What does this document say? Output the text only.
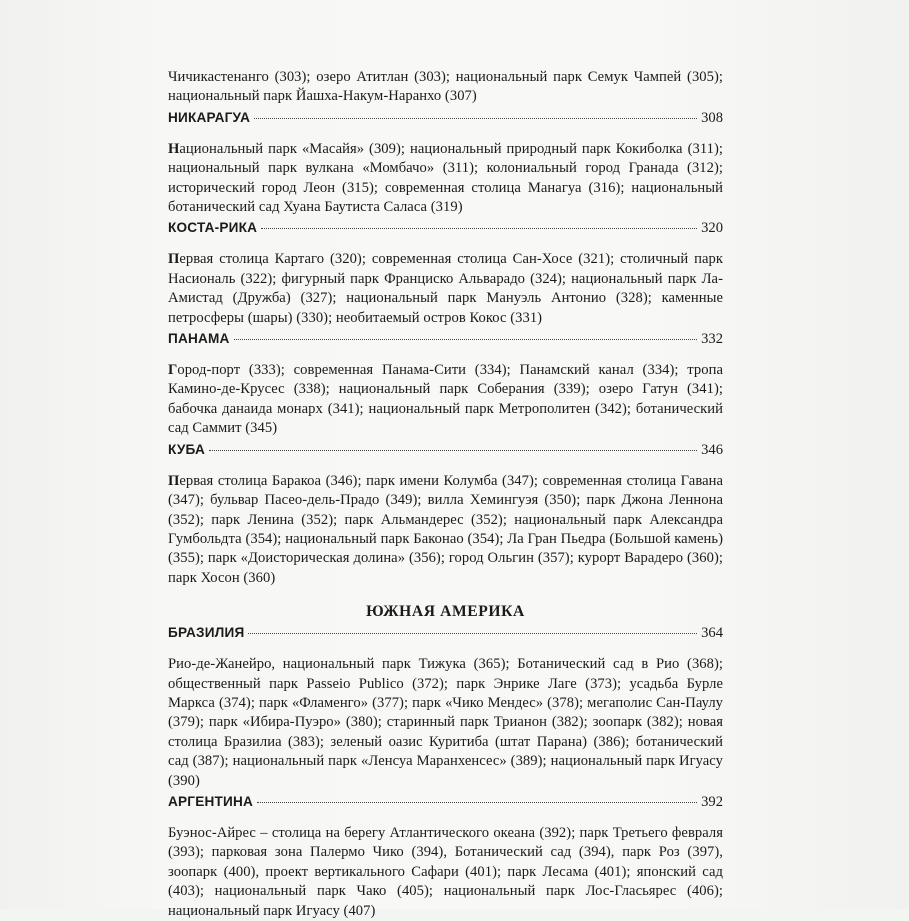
Чичикастенанго (303); озеро Атитлан (303); национальный парк Семук Чампей (305); национальный парк Йашха-Накум-Наранхо (307)

НИКАРАГУА	308

Национальный парк «Масайя» (309); национальный природный парк Кокиболка (311); национальный парк вулкана «Момбачо» (311); колониальный город Гранада (312); исторический город Леон (315); современная столица Манагуа (316); национальный ботанический сад Хуана Баутиста Саласа (319)

КОСТА-РИКА	320

Первая столица Картаго (320); современная столица Сан-Хосе (321); столичный парк Насиональ (322); фигурный парк Франциско Альварадо (324); национальный парк Ла-Амистад (Дружба) (327); национальный парк Мануэль Антонио (328); каменные петросферы (шары) (330); необитаемый остров Кокос (331)

ПАНАМА	332

Город-порт (333); современная Панама-Сити (334); Панамский канал (334); тропа Камино-де-Крусес (338); национальный парк Соберания (339); озеро Гатун (341); бабочка данаида монарх (341); национальный парк Метрополитен (342); ботанический сад Саммит (345)

КУБА	346

Первая столица Баракоа (346); парк имени Колумба (347); современная столица Гавана (347); бульвар Пасео-дель-Прадо (349); вилла Хемингуэя (350); парк Джона Леннона (352); парк Ленина (352); парк Альмандерес (352); национальный парк Александра Гумбольдта (354); национальный парк Баконао (354); Ла Гран Пьедра (Большой камень) (355); парк «Доисторическая долина» (356); город Ольгин (357); курорт Варадеро (360); парк Хосон (360)

ЮЖНАЯ АМЕРИКА
БРАЗИЛИЯ	364

Рио-де-Жанейро, национальный парк Тижука (365); Ботанический сад в Рио (368); общественный парк Passeio Publico (372); парк Энрике Лаге (373); усадьба Бурле Маркса (374); парк «Фламенго» (377); парк «Чико Мендес» (378); мегаполис Сан-Паулу (379); парк «Ибира-Пуэро» (380); старинный парк Трианон (382); зоопарк (382); новая столица Бразилиа (383); зеленый оазис Куритиба (штат Парана) (386); ботанический сад (387); национальный парк «Ленсуа Маранхенсес» (389); национальный парк Игуасу (390)

АРГЕНТИНА	392

Буэнос-Айрес – столица на берегу Атлантического океана (392); парк Третьего февраля (393); парковая зона Палермо Чико (394), Ботанический сад (394), парк Роз (397), зоопарк (400), проект вертикального Сафари (401); парк Лесама (401); японский сад (403); национальный парк Чако (405); национальный парк Лос-Гласьярес (406); национальный парк Игуасу (407)
